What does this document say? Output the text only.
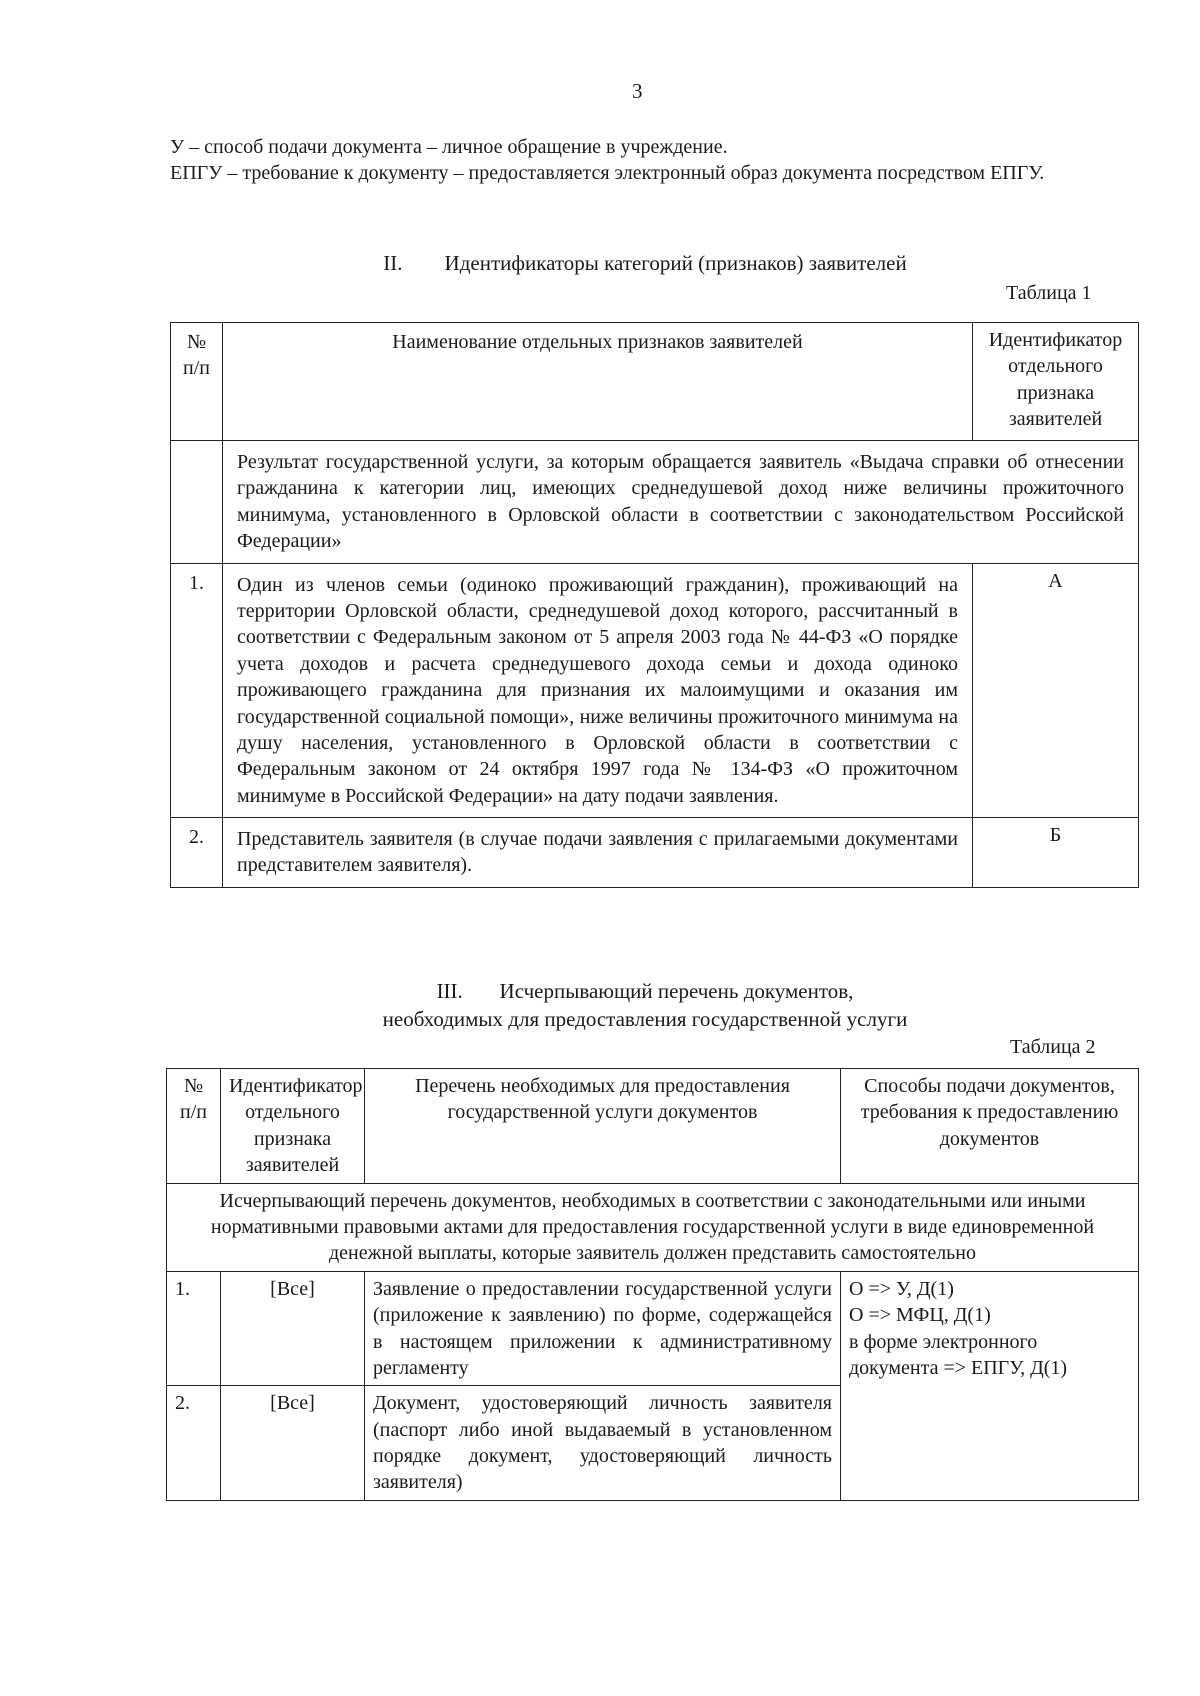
3

У – способ подачи документа – личное обращение в учреждение.

ЕПГУ – требование к документу – предоставляется электронный образ документа посредством ЕПГУ.

II.        Идентификаторы категорий (признаков) заявителей
Таблица 1
№ п/п	Наименование отдельных признаков заявителей	Идентификатор отдельного признака заявителей
	Результат государственной услуги, за которым обращается заявитель «Выдача справки об отнесении гражданина к категории лиц, имеющих среднедушевой доход ниже величины прожиточного минимума, установленного в Орловской области в соответствии с законодательством Российской Федерации»	
1.	Один из членов семьи (одиноко проживающий гражданин), проживающий на территории Орловской области, среднедушевой доход которого, рассчитанный в соответствии с Федеральным законом от 5 апреля 2003 года № 44-ФЗ «О порядке учета доходов и расчета среднедушевого дохода семьи и дохода одиноко проживающего гражданина для признания их малоимущими и оказания им государственной социальной помощи», ниже величины прожиточного минимума на душу населения, установленного в Орловской области в соответствии с Федеральным законом от 24 октября 1997 года № 134-ФЗ «О прожиточном минимуме в Российской Федерации» на дату подачи заявления.	А
2.	Представитель заявителя (в случае подачи заявления с прилагаемыми документами представителем заявителя).	Б
III.       Исчерпывающий перечень документов,
необходимых для предоставления государственной услуги
Таблица 2
№ п/п	Идентификатор отдельного признака заявителей	Перечень необходимых для предоставления государственной услуги документов	Способы подачи документов, требования к предоставлению документов
Исчерпывающий перечень документов, необходимых в соответствии с законодательными или иными нормативными правовыми актами для предоставления государственной услуги в виде единовременной денежной выплаты, которые заявитель должен представить самостоятельно			
1.	[Все]	Заявление о предоставлении государственной услуги (приложение к заявлению) по форме, содержащейся в настоящем приложении к административному регламенту	О => У, Д(1)
О => МФЦ, Д(1)
в форме электронного документа => ЕПГУ, Д(1)

2.	[Все]	Документ, удостоверяющий личность заявителя (паспорт либо иной выдаваемый в установленном порядке документ, удостоверяющий личность заявителя)	
